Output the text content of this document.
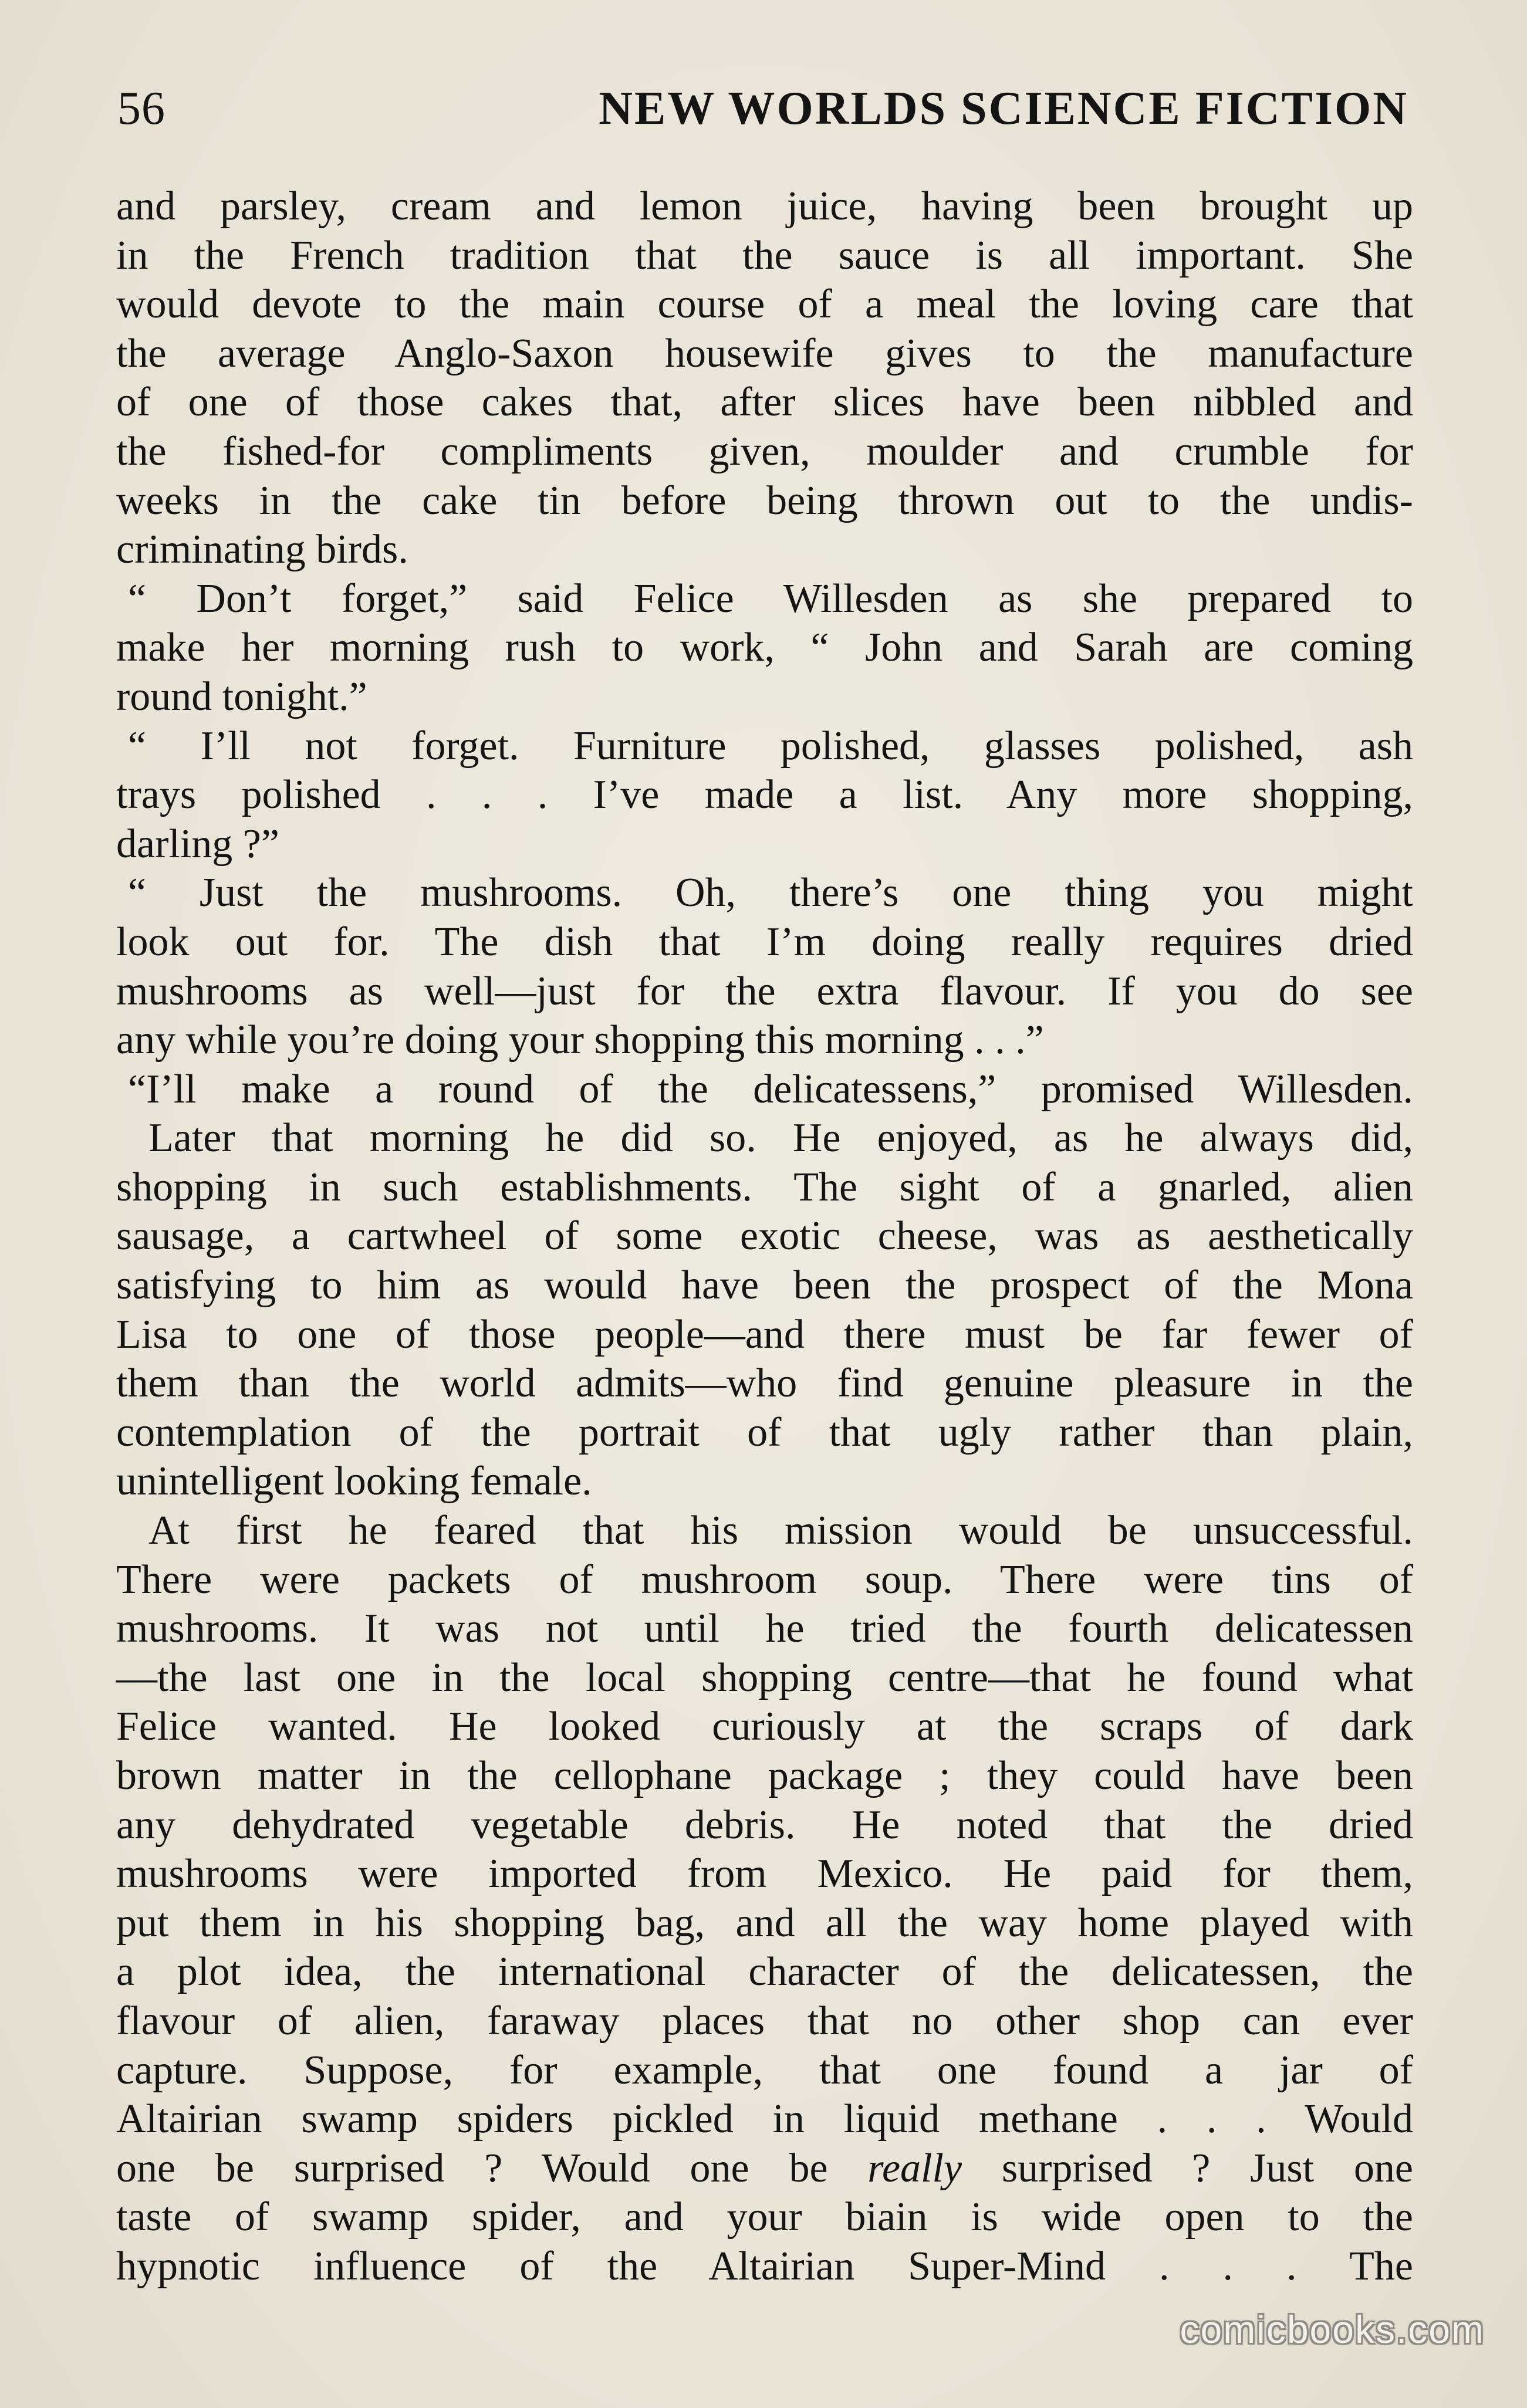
56	NEW WORLDS SCIENCE FICTION

and parsley, cream and lemon juice, having been brought up

in the French tradition that the sauce is all important. She

would devote to the main course of a meal the loving care that

the average Anglo-Saxon housewife gives to the manufacture

of one of those cakes that, after slices have been nibbled and

the fished-for compliments given, moulder and crumble for

weeks in the cake tin before being thrown out to the undis-

criminating birds.

“ Don’t forget,” said Felice Willesden as she prepared to

make her morning rush to work, “ John and Sarah are coming

round tonight.”

“ I’ll not forget. Furniture polished, glasses polished, ash

trays polished . . . I’ve made a list. Any more shopping,

darling ?”

“ Just the mushrooms. Oh, there’s one thing you might

look out for. The dish that I’m doing really requires dried

mushrooms as well—just for the extra flavour. If you do see

any while you’re doing your shopping this morning . . .”

“I’ll make a round of the delicatessens,” promised Willesden.

Later that morning he did so. He enjoyed, as he always did,

shopping in such establishments. The sight of a gnarled, alien

sausage, a cartwheel of some exotic cheese, was as aesthetically

satisfying to him as would have been the prospect of the Mona

Lisa to one of those people—and there must be far fewer of

them than the world admits—who find genuine pleasure in the

contemplation of the portrait of that ugly rather than plain,

unintelligent looking female.

At first he feared that his mission would be unsuccessful.

There were packets of mushroom soup. There were tins of

mushrooms. It was not until he tried the fourth delicatessen

—the last one in the local shopping centre—that he found what

Felice wanted. He looked curiously at the scraps of dark

brown matter in the cellophane package ; they could have been

any dehydrated vegetable debris. He noted that the dried

mushrooms were imported from Mexico. He paid for them,

put them in his shopping bag, and all the way home played with

a plot idea, the international character of the delicatessen, the

flavour of alien, faraway places that no other shop can ever

capture. Suppose, for example, that one found a jar of

Altairian swamp spiders pickled in liquid methane . . . Would

one be surprised ? Would one be really surprised ? Just one

taste of swamp spider, and your biain is wide open to the

hypnotic influence of the Altairian Super-Mind . . . The

comicbooks.com
